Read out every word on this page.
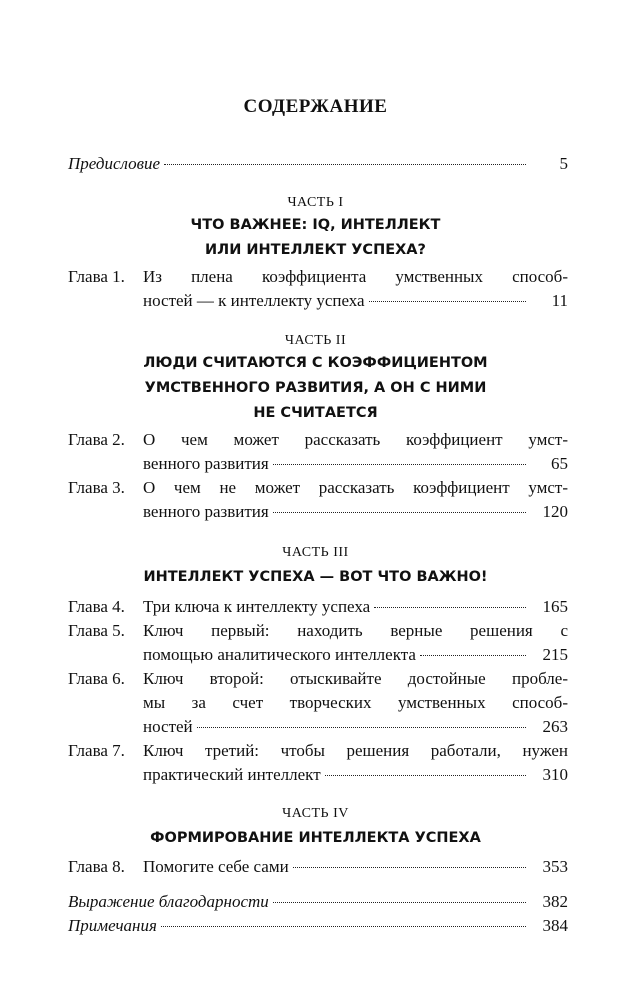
СОДЕРЖАНИЕ
Предисловие	5
ЧАСТЬ I
ЧТО ВАЖНЕЕ: IQ, ИНТЕЛЛЕКТ
ИЛИ ИНТЕЛЛЕКТ УСПЕХА?
Глава 1. Из плена коэффициента умственных способ-
ностей — к интеллекту успеха	11
ЧАСТЬ II
ЛЮДИ СЧИТАЮТСЯ С КОЭФФИЦИЕНТОМ
УМСТВЕННОГО РАЗВИТИЯ, А ОН С НИМИ
НЕ СЧИТАЕТСЯ
Глава 2. О чем может рассказать коэффициент умст-
венного развития	65
Глава 3. О чем не может рассказать коэффициент умст-
венного развития	120
ЧАСТЬ III
ИНТЕЛЛЕКТ УСПЕХА — ВОТ ЧТО ВАЖНО!
Глава 4. Три ключа к интеллекту успеха	165
Глава 5. Ключ первый: находить верные решения с
помощью аналитического интеллекта	215
Глава 6. Ключ второй: отыскивайте достойные пробле-
мы за счет творческих умственных способ-
ностей	263
Глава 7. Ключ третий: чтобы решения работали, нужен
практический интеллект	310
ЧАСТЬ IV
ФОРМИРОВАНИЕ ИНТЕЛЛЕКТА УСПЕХА
Глава 8. Помогите себе сами	353
Выражение благодарности	382
Примечания	384
